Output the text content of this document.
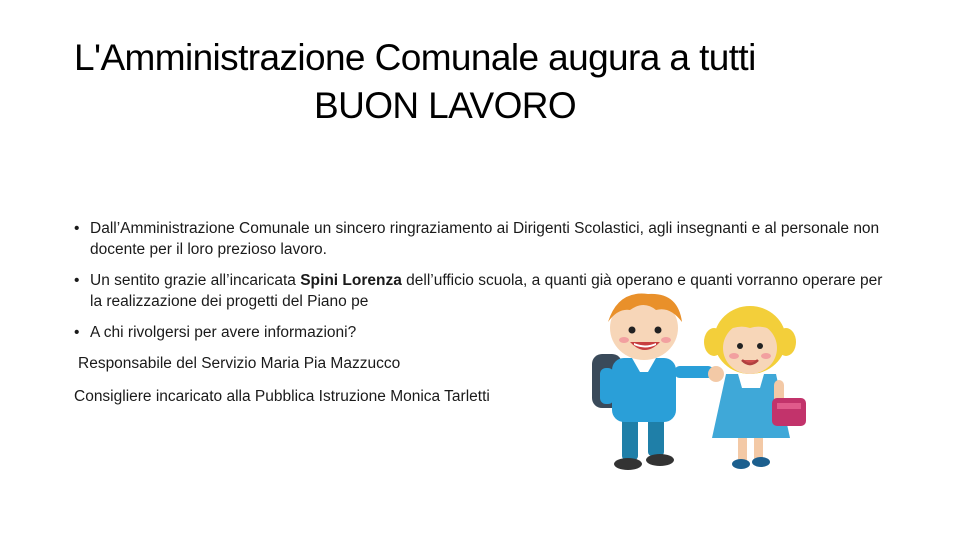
L'Amministrazione Comunale augura a tutti
BUON LAVORO
• Dall’Amministrazione Comunale un sincero ringraziamento ai Dirigenti Scolastici, agli insegnanti e al personale non docente per il loro prezioso lavoro.
• Un sentito grazie all’incaricata Spini Lorenza dell’ufficio scuola, a quanti già operano e quanti vorranno operare per la realizzazione dei progetti del Piano pe
• A chi rivolgersi per avere informazioni?
Responsabile del Servizio Maria Pia Mazzucco
Consigliere incaricato alla Pubblica Istruzione Monica Tarletti
